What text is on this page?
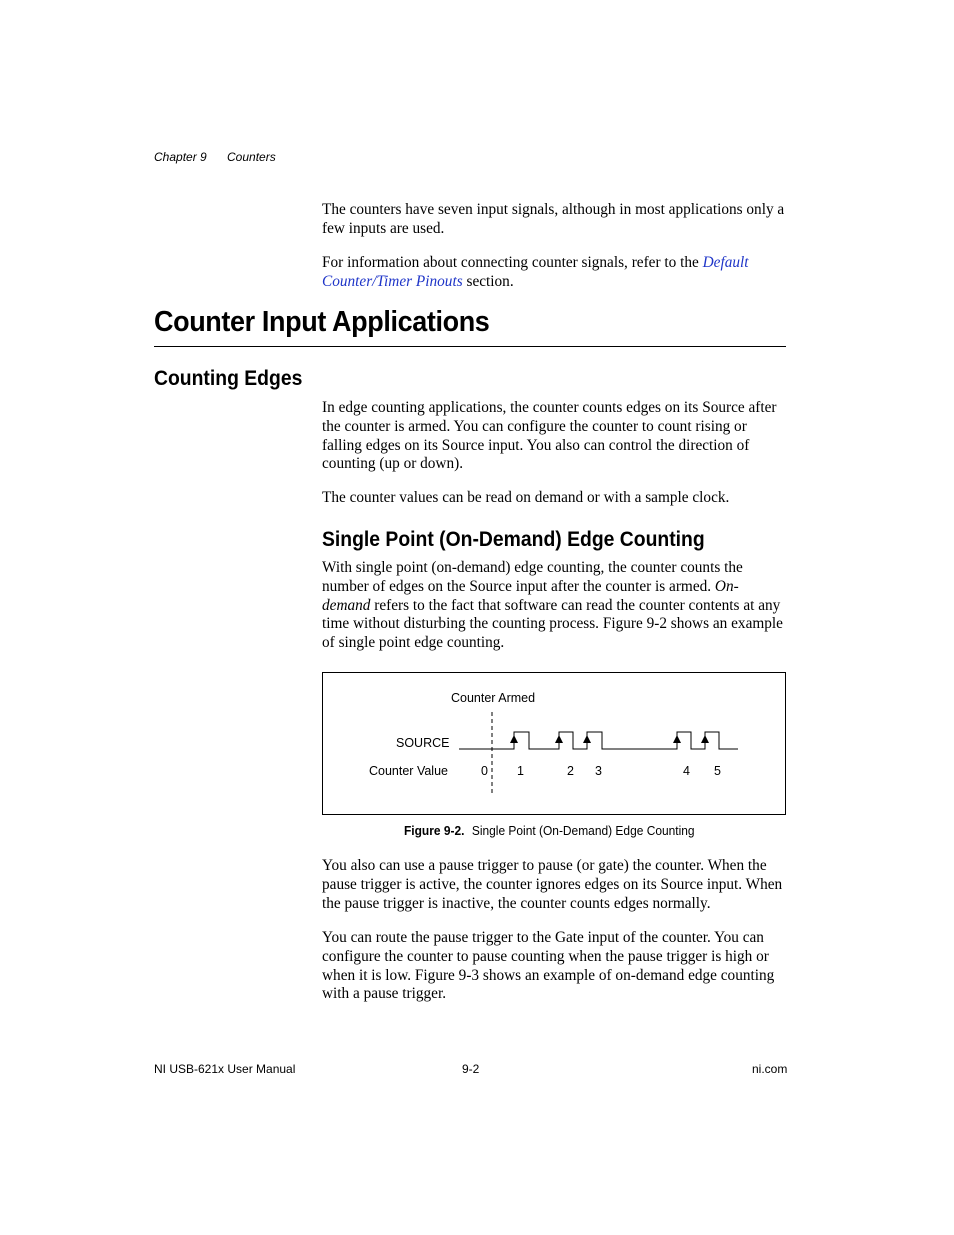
Chapter 9 Counters

The counters have seven input signals, although in most applications only a few inputs are used.

For information about connecting counter signals, refer to the Default Counter/Timer Pinouts section.

Counter Input Applications
Counting Edges

In edge counting applications, the counter counts edges on its Source after the counter is armed. You can configure the counter to count rising or falling edges on its Source input. You also can control the direction of counting (up or down).

The counter values can be read on demand or with a sample clock.

Single Point (On-Demand) Edge Counting

With single point (on-demand) edge counting, the counter counts the number of edges on the Source input after the counter is armed. On-demand refers to the fact that software can read the counter contents at any time without disturbing the counting process. Figure 9-2 shows an example of single point edge counting.

Counter Armed
SOURCE
Counter Value	0 1	2 3	4 5
Figure 9-2. Single Point (On-Demand) Edge Counting

You also can use a pause trigger to pause (or gate) the counter. When the pause trigger is active, the counter ignores edges on its Source input. When the pause trigger is inactive, the counter counts edges normally.

You can route the pause trigger to the Gate input of the counter. You can configure the counter to pause counting when the pause trigger is high or when it is low. Figure 9-3 shows an example of on-demand edge counting with a pause trigger.

NI USB-621x User Manual	9-2	ni.com
